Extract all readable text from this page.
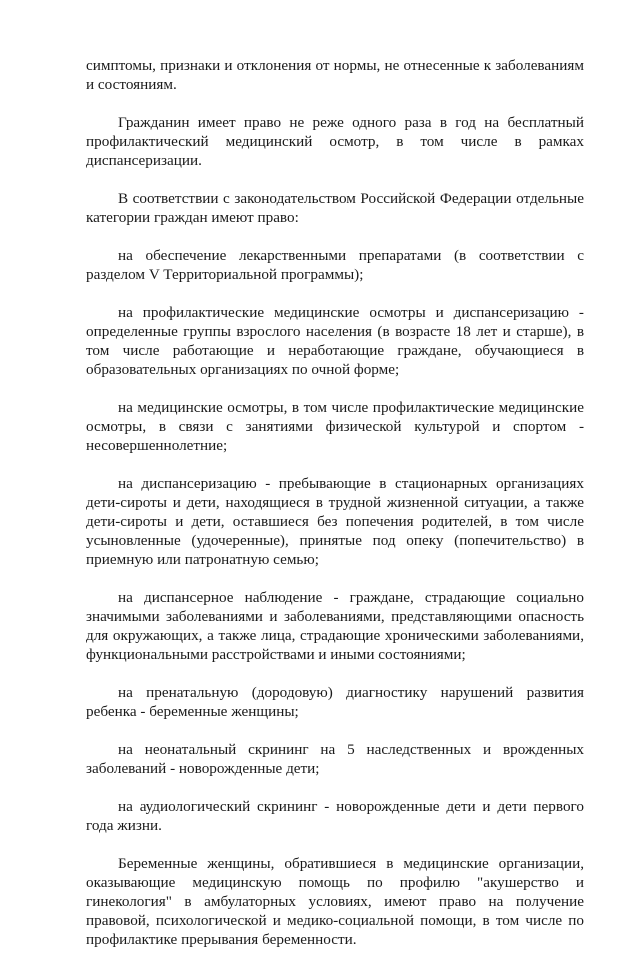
симптомы, признаки и отклонения от нормы, не отнесенные к заболеваниям и состояниям.

Гражданин имеет право не реже одного раза в год на бесплатный профилактический медицинский осмотр, в том числе в рамках диспансеризации.

В соответствии с законодательством Российской Федерации отдельные категории граждан имеют право:

на обеспечение лекарственными препаратами (в соответствии с разделом V Территориальной программы);

на профилактические медицинские осмотры и диспансеризацию - определенные группы взрослого населения (в возрасте 18 лет и старше), в том числе работающие и неработающие граждане, обучающиеся в образовательных организациях по очной форме;

на медицинские осмотры, в том числе профилактические медицинские осмотры, в связи с занятиями физической культурой и спортом - несовершеннолетние;

на диспансеризацию - пребывающие в стационарных организациях дети-сироты и дети, находящиеся в трудной жизненной ситуации, а также дети-сироты и дети, оставшиеся без попечения родителей, в том числе усыновленные (удочеренные), принятые под опеку (попечительство) в приемную или патронатную семью;

на диспансерное наблюдение - граждане, страдающие социально значимыми заболеваниями и заболеваниями, представляющими опасность для окружающих, а также лица, страдающие хроническими заболеваниями, функциональными расстройствами и иными состояниями;

на пренатальную (дородовую) диагностику нарушений развития ребенка - беременные женщины;

на неонатальный скрининг на 5 наследственных и врожденных заболеваний - новорожденные дети;

на аудиологический скрининг - новорожденные дети и дети первого года жизни.

Беременные женщины, обратившиеся в медицинские организации, оказывающие медицинскую помощь по профилю "акушерство и гинекология" в амбулаторных условиях, имеют право на получение правовой, психологической и медико-социальной помощи, в том числе по профилактике прерывания беременности.
